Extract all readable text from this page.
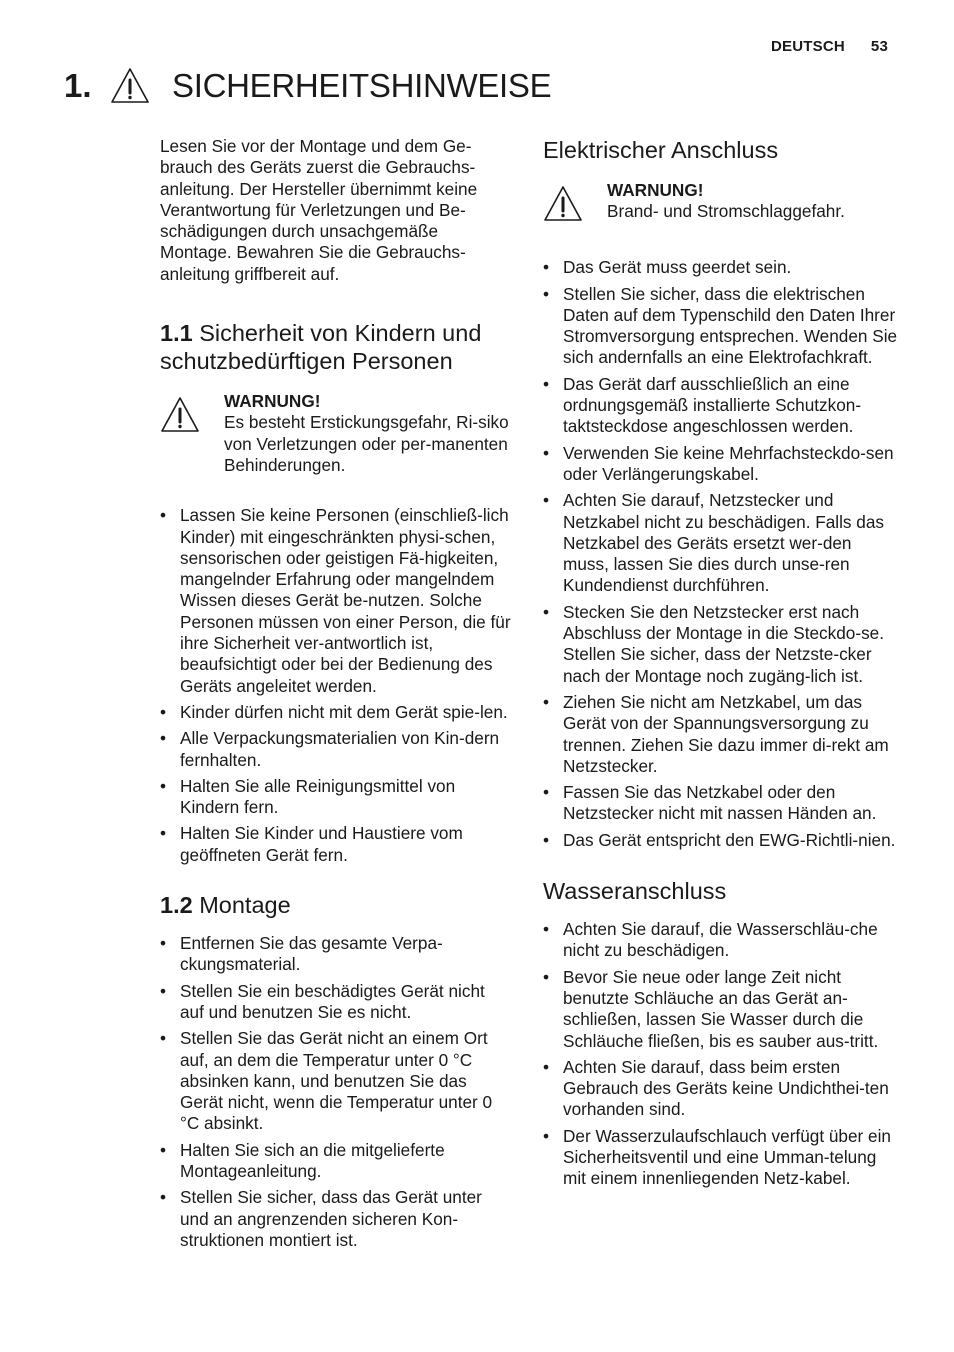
DEUTSCH 53
1.	SICHERHEITSHINWEISE

Lesen Sie vor der Montage und dem Ge-brauch des Geräts zuerst die Gebrauchs-anleitung. Der Hersteller übernimmt keine Verantwortung für Verletzungen und Be-schädigungen durch unsachgemäße Montage. Bewahren Sie die Gebrauchs-anleitung griffbereit auf.

1.1 Sicherheit von Kindern und schutzbedürftigen Personen
WARNUNG!
Es besteht Erstickungsgefahr, Ri-siko von Verletzungen oder per-manenten Behinderungen.
• Lassen Sie keine Personen (einschließ-lich Kinder) mit eingeschränkten physi-schen, sensorischen oder geistigen Fä-higkeiten, mangelnder Erfahrung oder mangelndem Wissen dieses Gerät be-nutzen. Solche Personen müssen von einer Person, die für ihre Sicherheit ver-antwortlich ist, beaufsichtigt oder bei der Bedienung des Geräts angeleitet werden.
• Kinder dürfen nicht mit dem Gerät spie-len.
• Alle Verpackungsmaterialien von Kin-dern fernhalten.
• Halten Sie alle Reinigungsmittel von Kindern fern.
• Halten Sie Kinder und Haustiere vom geöffneten Gerät fern.
1.2 Montage
• Entfernen Sie das gesamte Verpa-ckungsmaterial.
• Stellen Sie ein beschädigtes Gerät nicht auf und benutzen Sie es nicht.
• Stellen Sie das Gerät nicht an einem Ort auf, an dem die Temperatur unter 0 °C absinken kann, und benutzen Sie das Gerät nicht, wenn die Temperatur unter 0 °C absinkt.
• Halten Sie sich an die mitgelieferte Montageanleitung.
• Stellen Sie sicher, dass das Gerät unter und an angrenzenden sicheren Kon-struktionen montiert ist.
Elektrischer Anschluss
WARNUNG!
Brand- und Stromschlaggefahr.
• Das Gerät muss geerdet sein.
• Stellen Sie sicher, dass die elektrischen Daten auf dem Typenschild den Daten Ihrer Stromversorgung entsprechen. Wenden Sie sich andernfalls an eine Elektrofachkraft.
• Das Gerät darf ausschließlich an eine ordnungsgemäß installierte Schutzkon-taktsteckdose angeschlossen werden.
• Verwenden Sie keine Mehrfachsteckdo-sen oder Verlängerungskabel.
• Achten Sie darauf, Netzstecker und Netzkabel nicht zu beschädigen. Falls das Netzkabel des Geräts ersetzt wer-den muss, lassen Sie dies durch unse-ren Kundendienst durchführen.
• Stecken Sie den Netzstecker erst nach Abschluss der Montage in die Steckdo-se. Stellen Sie sicher, dass der Netzste-cker nach der Montage noch zugäng-lich ist.
• Ziehen Sie nicht am Netzkabel, um das Gerät von der Spannungsversorgung zu trennen. Ziehen Sie dazu immer di-rekt am Netzstecker.
• Fassen Sie das Netzkabel oder den Netzstecker nicht mit nassen Händen an.
• Das Gerät entspricht den EWG-Richtli-nien.
Wasseranschluss
• Achten Sie darauf, die Wasserschläu-che nicht zu beschädigen.
• Bevor Sie neue oder lange Zeit nicht benutzte Schläuche an das Gerät an-schließen, lassen Sie Wasser durch die Schläuche fließen, bis es sauber aus-tritt.
• Achten Sie darauf, dass beim ersten Gebrauch des Geräts keine Undichthei-ten vorhanden sind.
• Der Wasserzulaufschlauch verfügt über ein Sicherheitsventil und eine Umman-telung mit einem innenliegenden Netz-kabel.
